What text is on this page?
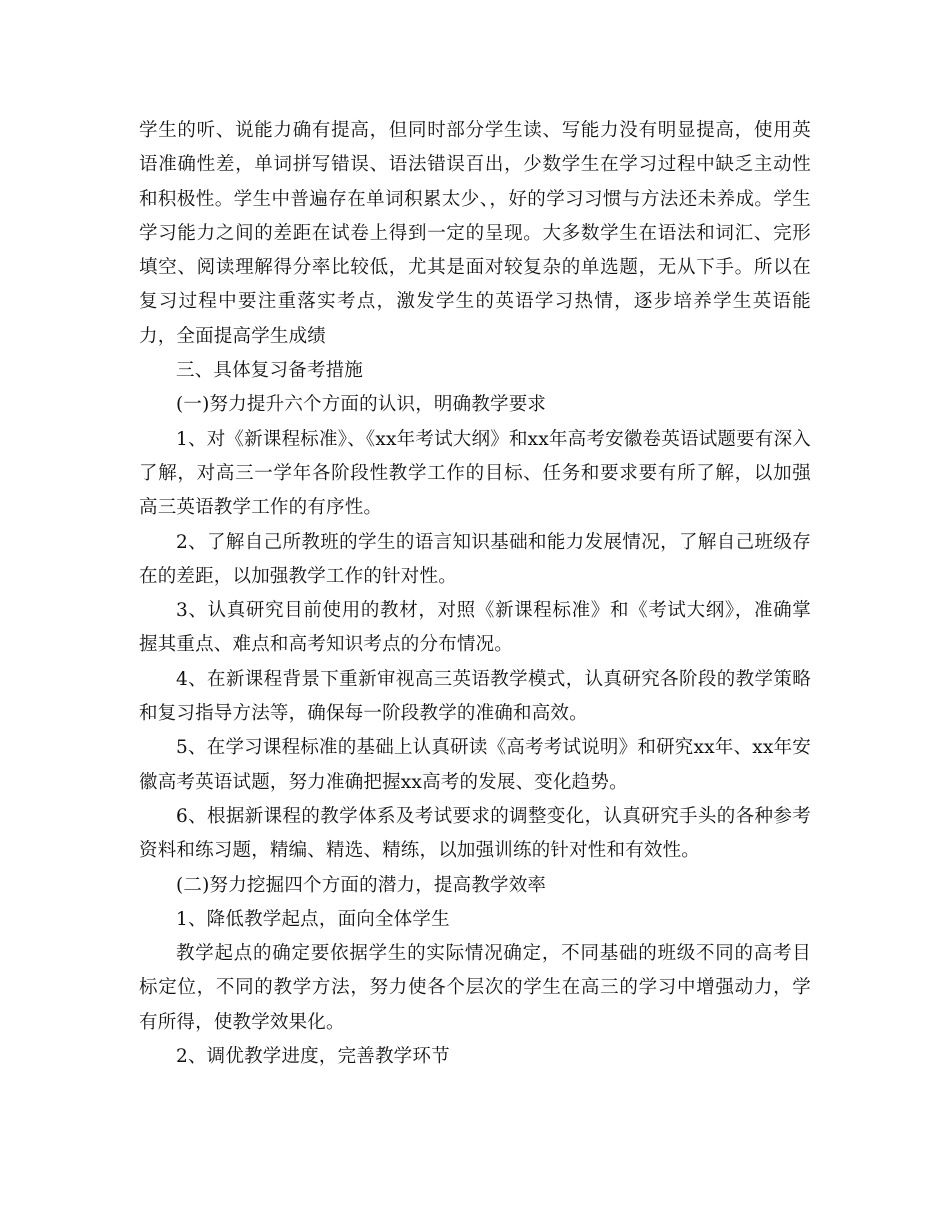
学生的听、说能力确有提高，但同时部分学生读、写能力没有明显提高，使用英语准确性差，单词拼写错误、语法错误百出，少数学生在学习过程中缺乏主动性和积极性。学生中普遍存在单词积累太少、，好的学习习惯与方法还未养成。学生学习能力之间的差距在试卷上得到一定的呈现。大多数学生在语法和词汇、完形填空、阅读理解得分率比较低，尤其是面对较复杂的单选题，无从下手。所以在复习过程中要注重落实考点，激发学生的英语学习热情，逐步培养学生英语能力，全面提高学生成绩

三、具体复习备考措施

(一)努力提升六个方面的认识，明确教学要求

1、对《新课程标准》、《xx年考试大纲》和xx年高考安徽卷英语试题要有深入了解，对高三一学年各阶段性教学工作的目标、任务和要求要有所了解，以加强高三英语教学工作的有序性。

2、了解自己所教班的学生的语言知识基础和能力发展情况，了解自己班级存在的差距，以加强教学工作的针对性。

3、认真研究目前使用的教材，对照《新课程标准》和《考试大纲》，准确掌握其重点、难点和高考知识考点的分布情况。

4、在新课程背景下重新审视高三英语教学模式，认真研究各阶段的教学策略和复习指导方法等，确保每一阶段教学的准确和高效。

5、在学习课程标准的基础上认真研读《高考考试说明》和研究xx年、xx年安徽高考英语试题，努力准确把握xx高考的发展、变化趋势。

6、根据新课程的教学体系及考试要求的调整变化，认真研究手头的各种参考资料和练习题，精编、精选、精练，以加强训练的针对性和有效性。

(二)努力挖掘四个方面的潜力，提高教学效率

1、降低教学起点，面向全体学生

教学起点的确定要依据学生的实际情况确定，不同基础的班级不同的高考目标定位，不同的教学方法，努力使各个层次的学生在高三的学习中增强动力，学有所得，使教学效果化。

2、调优教学进度，完善教学环节
